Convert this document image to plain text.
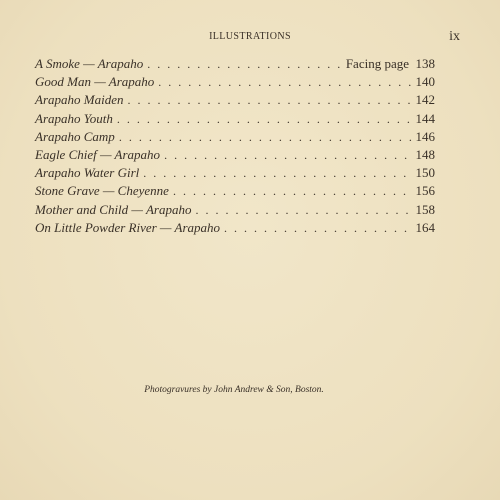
ILLUSTRATIONS	ix
A Smoke — Arapaho . . .	Facing page 138
Good Man — Arapaho . . .	140
Arapaho Maiden . . .	142
Arapaho Youth . . .	144
Arapaho Camp . . .	146
Eagle Chief — Arapaho . . .	148
Arapaho Water Girl . . .	150
Stone Grave — Cheyenne . . .	156
Mother and Child — Arapaho . . .	158
On Little Powder River — Arapaho . . .	164
Photogravures by John Andrew & Son, Boston.
